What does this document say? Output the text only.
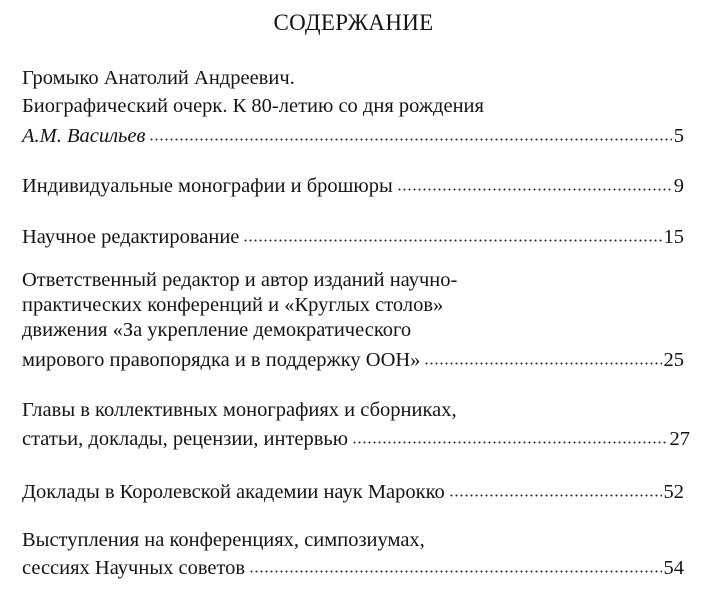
СОДЕРЖАНИЕ
Громыко Анатолий Андреевич.
Биографический очерк. К 80-летию со дня рождения
А.М. Васильев	5
Индивидуальные монографии и брошюры	9
Научное редактирование	15
Ответственный редактор и автор изданий научно-
практических конференций и «Круглых столов»
движения «За укрепление демократического
мирового правопорядка и в поддержку ООН»	25
Главы в коллективных монографиях и сборниках,
статьи, доклады, рецензии, интервью	27
Доклады в Королевской академии наук Марокко	52
Выступления на конференциях, симпозиумах,
сессиях Научных советов	54
